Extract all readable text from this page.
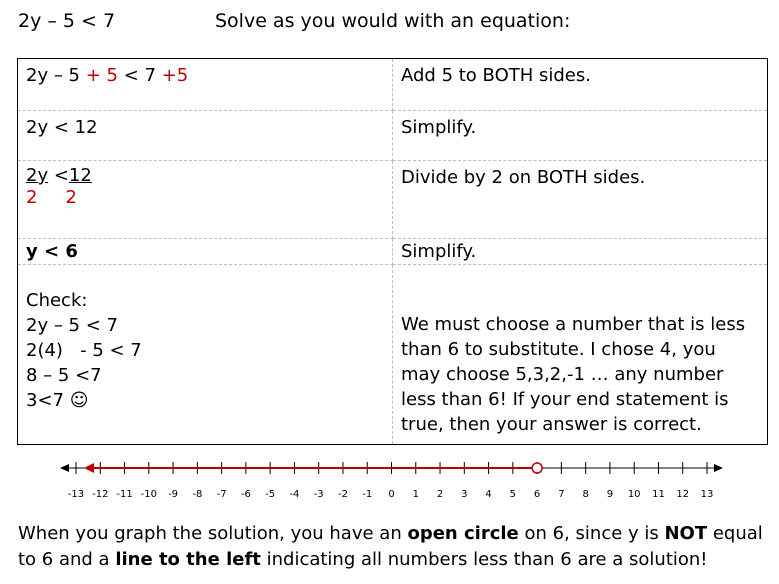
2y – 5 < 7	Solve as you would with an equation:
2y – 5 + 5 < 7 +5	Add 5 to BOTH sides.
2y < 12	Simplify.

2y <12
2 2	Divide by 2 on BOTH sides.
y < 6	Simplify.

Check:
2y – 5 < 7
2(4)   - 5 < 7
8 – 5 <7
3<7 ☺	We must choose a number that is less than 6 to substitute. I chose 4, you may choose 5,3,2,-1 … any number less than 6! If your end statement is true, then your answer is correct.
-13 -12 -11 -10 -9 -8 -7 -6 -5 -4 -3 -2 -1 0 1 2 3 4 5 6 7 8 9 10 11 12 13
When you graph the solution, you have an open circle on 6, since y is NOT equal to 6 and a line to the left indicating all numbers less than 6 are a solution!
